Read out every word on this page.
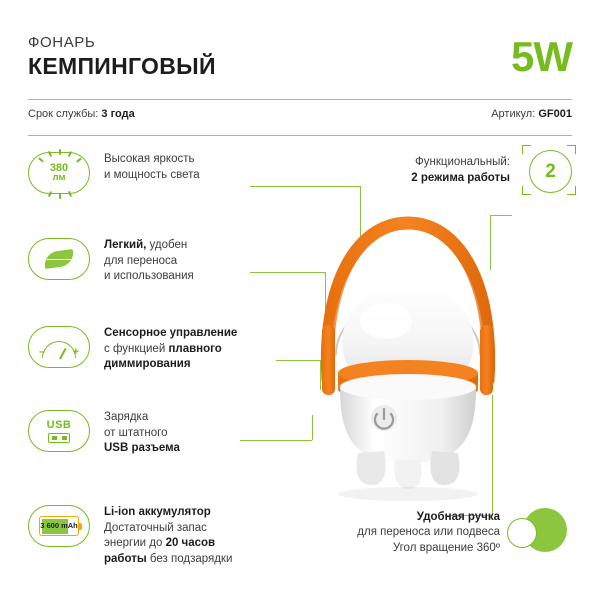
ФОНАРЬ
КЕМПИНГОВЫЙ	5W
Срок службы: 3 года	Артикул: GF001
380
лм
Высокая яркость
и мощность света
Легкий, удобен
для переноса
и использования
– +
Сенсорное управление
с функцией плавного
диммирования
USB
Зарядка
от штатного
USB разъема
3 600 mAh
Li-ion аккумулятор
Достаточный запас
энергии до 20 часов
работы без подзарядки
Функциональный:
2 режима работы	2
Удобная ручка
для переноса или подвеса
Угол вращение 360º
